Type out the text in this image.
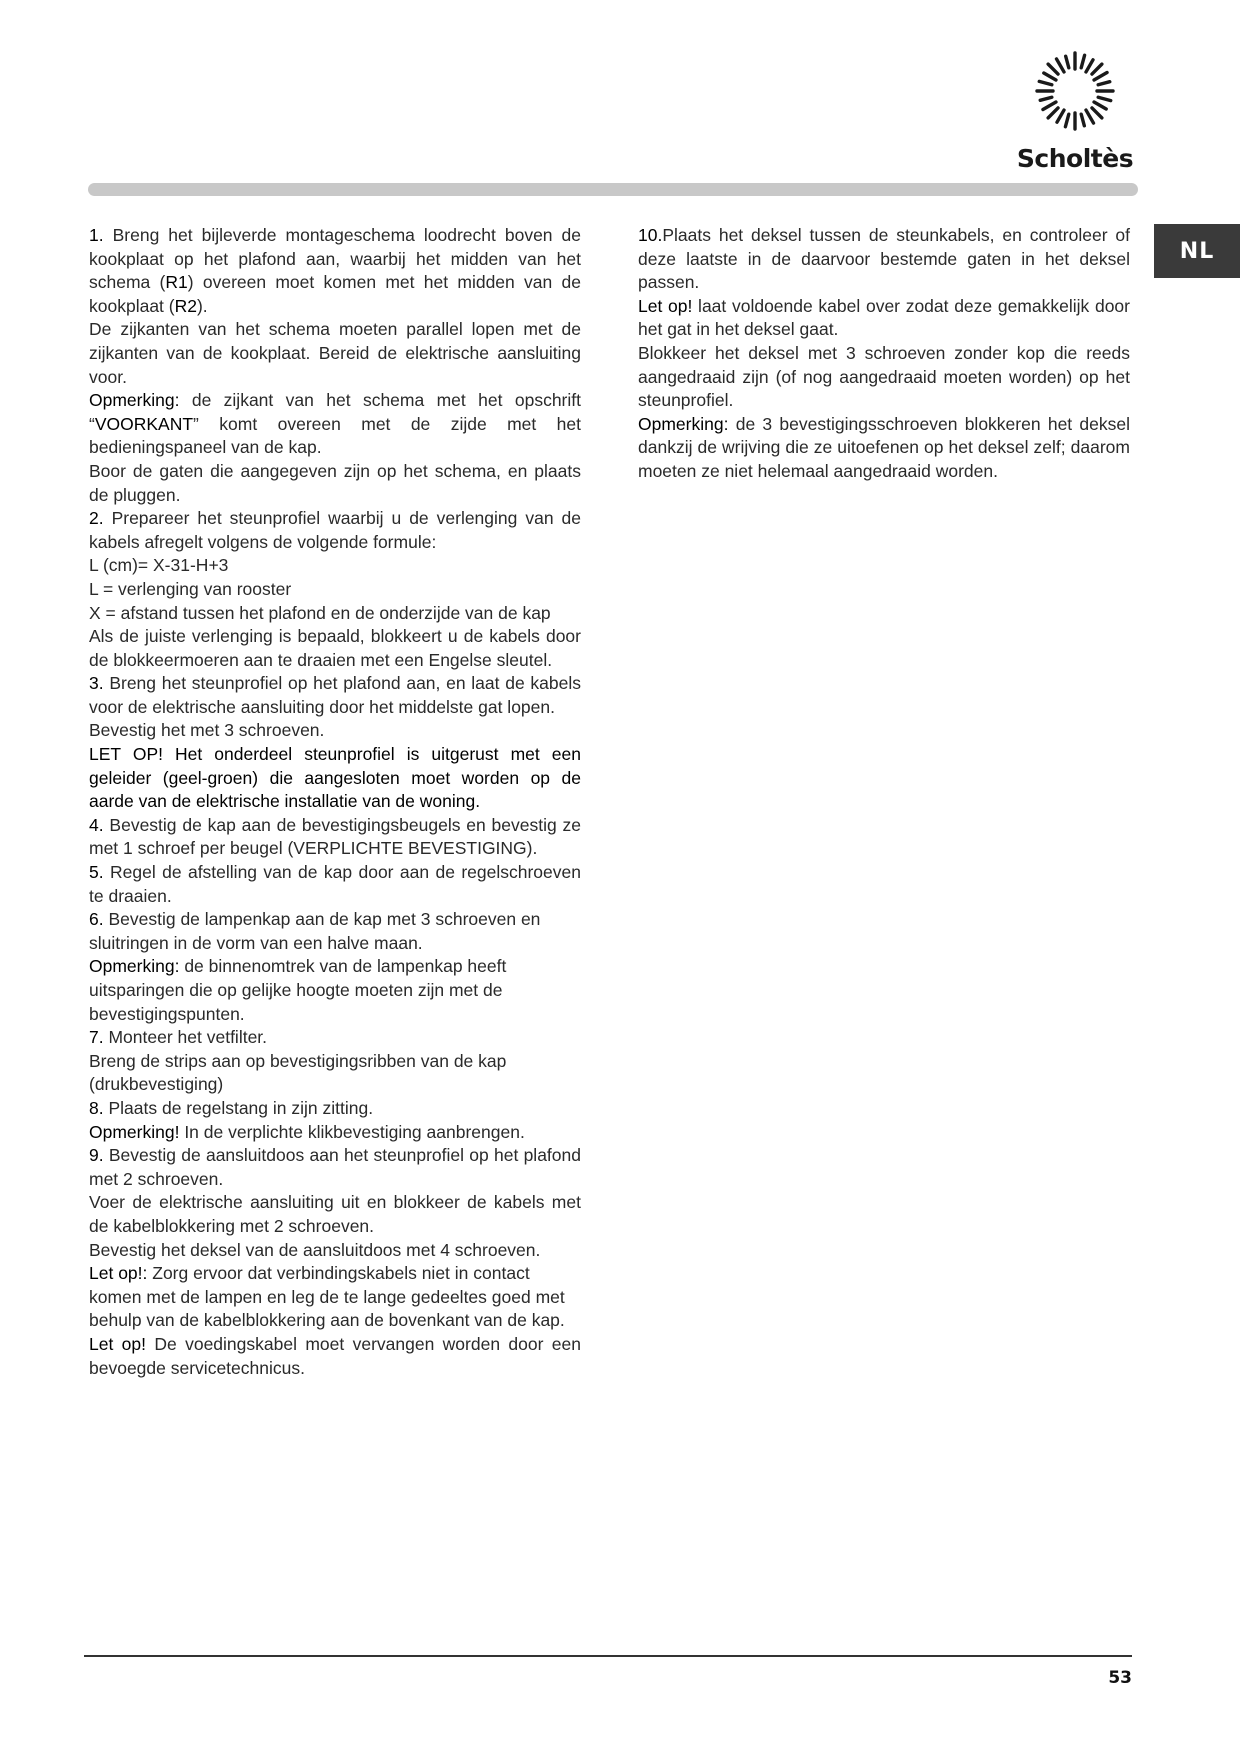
Scholtès
NL

1. Breng het bijleverde montageschema loodrecht boven de kookplaat op het plafond aan, waarbij het midden van het schema (R1) overeen moet komen met het midden van de kookplaat (R2).

De zijkanten van het schema moeten parallel lopen met de zijkanten van de kookplaat. Bereid de elektrische aansluiting voor.

Opmerking: de zijkant van het schema met het opschrift “VOORKANT” komt overeen met de zijde met het bedieningspaneel van de kap.

Boor de gaten die aangegeven zijn op het schema, en plaats de pluggen.

2. Prepareer het steunprofiel waarbij u de verlenging van de kabels afregelt volgens de volgende formule:

L (cm)= X-31-H+3

L = verlenging van rooster

X = afstand tussen het plafond en de onderzijde van de kap

Als de juiste verlenging is bepaald, blokkeert u de kabels door de blokkeermoeren aan te draaien met een Engelse sleutel.

3. Breng het steunprofiel op het plafond aan, en laat de kabels voor de elektrische aansluiting door het middelste gat lopen.

Bevestig het met 3 schroeven.

LET OP! Het onderdeel steunprofiel is uitgerust met een geleider (geel-groen) die aangesloten moet worden op de aarde van de elektrische installatie van de woning.

4. Bevestig de kap aan de bevestigingsbeugels en bevestig ze met 1 schroef per beugel (VERPLICHTE BEVESTIGING).

5. Regel de afstelling van de kap door aan de regelschroeven te draaien.

6. Bevestig de lampenkap aan de kap met 3 schroeven en sluitringen in de vorm van een halve maan.

Opmerking: de binnenomtrek van de lampenkap heeft uitsparingen die op gelijke hoogte moeten zijn met de bevestigingspunten.

7. Monteer het vetfilter.

Breng de strips aan op bevestigingsribben van de kap (drukbevestiging)

8. Plaats de regelstang in zijn zitting.

Opmerking! In de verplichte klikbevestiging aanbrengen.

9. Bevestig de aansluitdoos aan het steunprofiel op het plafond met 2 schroeven.

Voer de elektrische aansluiting uit en blokkeer de kabels met de kabelblokkering met 2 schroeven.

Bevestig het deksel van de aansluitdoos met 4 schroeven.

Let op!: Zorg ervoor dat verbindingskabels niet in contact komen met de lampen en leg de te lange gedeeltes goed met behulp van de kabelblokkering aan de bovenkant van de kap.

Let op! De voedingskabel moet vervangen worden door een bevoegde servicetechnicus.

10.Plaats het deksel tussen de steunkabels, en controleer of deze laatste in de daarvoor bestemde gaten in het deksel passen.

Let op! laat voldoende kabel over zodat deze gemakkelijk door het gat in het deksel gaat.

Blokkeer het deksel met 3 schroeven zonder kop die reeds aangedraaid zijn (of nog aangedraaid moeten worden) op het steunprofiel.

Opmerking: de 3 bevestigingsschroeven blokkeren het deksel dankzij de wrijving die ze uitoefenen op het deksel zelf; daarom moeten ze niet helemaal aangedraaid worden.

53
